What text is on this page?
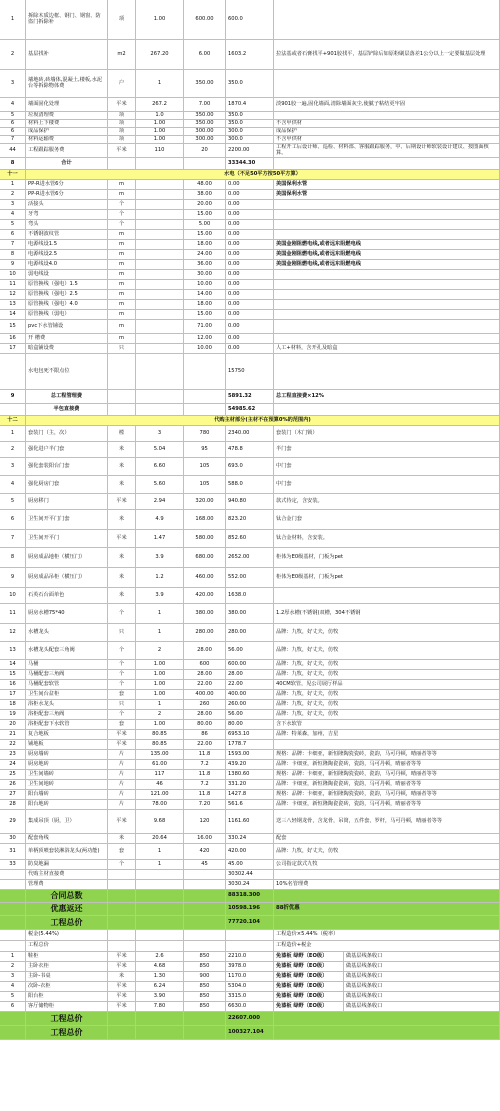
1	拆除木质边框、钢门、钢窗、防盗门拆除补	项	1.00	600.00	600.0
2	基层找补	m2	267.20	6.00	1603.2	拉法基或者石膏找平+901胶找平，基层铲除后如原粉刷层落差1公分以上一定要做基层处理
3	墙地砖,砖墙体,混凝土,楼板,水泥台等拆除物体费	户	1	350.00	350.0
4	墙面固化处理	平米	267.2	7.00	1870.4	淡901胶一遍,固化墙面,清除墙面灰尘,使腻子粘结更牢固
5	垃圾清理费	项	1.0	350.00	350.0
6	材料上下楼费	项	1.00	350.00	350.0	不含甲供材
6	成品保护	项	1.00	300.00	300.0	成品保护
7	材料运输费	项	1.00	300.00	300.0	不含甲供材
44	工程跟踪服务费	平米	110	20	2200.00	工程开工后设计师、巡检、材料部、客服跟踪服务，中、后期设计师软装设计建议、按图面核算。
8	合计	33344.30
十一	水电（不足50平方按50平方算）
1	PP-R进水管6分	m	48.00	0.00	美国保利水管
2	PP-R进水管6分	m	38.00	0.00	美国保利水管
3	活接头	个	20.00	0.00
4	牙弯	个	15.00	0.00
5	弯头	个	5.00	0.00
6	不锈钢波纹管	m	15.00	0.00
7	电源线设1.5	m	18.00	0.00	美国金刚阻燃电线,或者远东阻燃电线
8	电源线设2.5	m	24.00	0.00	美国金刚阻燃电线,或者远东阻燃电线
9	电源线设4.0	m	36.00	0.00	美国金刚阻燃电线,或者远东阻燃电线
10	弱电线设	m	30.00	0.00
11	原管换线（强电）1.5	m	10.00	0.00
12	原管换线（强电）2.5	m	14.00	0.00
13	原管换线（强电）4.0	m	18.00	0.00
14	原管换线（弱电）	m	15.00	0.00
15	pvc下水管铺设	m	71.00	0.00
16	开 槽费	m	12.00	0.00
17	暗盒铺设费	只	10.00	0.00	人工+材料，含开孔及暗盒
水电包死不限点位	15750
9	总工程管理费	5891.32	总工程直接费×12%
半包直接费	54985.62
十二	代购主材部分(主材不在预算0%的范围内)
1	套装门（主，次）	樘	3	780	2340.00	套装门（木门锁）
2	强化进户半门套	米	5.04	95	478.8	半门套
3	强化套装阳台门套	米	6.60	105	693.0	中门套
4	强化厨房门套	米	5.60	105	588.0	中门套
5	厨房移门	平米	2.94	320.00	940.80	款式待定，含安装。
6	卫生间开平门门套	米	4.9	168.00	823.20	钛合金门套
7	卫生间开平门	平米	1.47	580.00	852.60	钛合金材料，含安装。
8	厨房成品地柜（横压门）	米	3.9	680.00	2652.00	柜体为E0级基材，门板为pet
9	厨房成品吊柜（横压门）	米	1.2	460.00	552.00	柜体为E0级基材，门板为pet
10	石英石台面单色	米	3.9	420.00	1638.0
11	厨房水槽75*40	个	1	380.00	380.00	1.2厚水槽(不锈钢)双槽，304不锈钢
12	水槽龙头	只	1	280.00	280.00	品牌：九牧，好丈夫，仿牧
13	水槽龙头配套三角阀	个	2	28.00	56.00	品牌：九牧，好丈夫，仿牧
14	马桶	个	1.00	600	600.00	品牌：九牧，好丈夫，仿牧
15	马桶配套三角阀	个	1.00	28.00	28.00	品牌：九牧，好丈夫，仿牧
16	马桶配套软管	个	1.00	22.00	22.00	40CM软管，见公司展厅样品
17	卫生间台盆柜	套	1.00	400.00	400.00	品牌：九牧，好丈夫，仿牧
18	浴柜水龙头	只	1	260	260.00	品牌：九牧，好丈夫，仿牧
19	浴柜配套三角阀	个	2	28.00	56.00	品牌：九牧，好丈夫，仿牧
20	浴柜配套下水软管	套	1.00	80.00	80.00	含下水软管
21	复合地板	平米	80.85	86	6953.10	品牌：特莱森，加州，吉星
22	铺地板	平米	80.85	22.00	1778.7
23	厨房墙砖	片	135.00	11.8	1593.00	规格：品牌：卡细亚，新恒隆陶瓷瓷砖，瓷韵，马可丹顿，晴丽者等等
24	厨房地砖	片	61.00	7.2	439.20	品牌：卡细亚，新恒隆陶瓷瓷砖，瓷韵，马可丹顿，晴丽者等等
25	卫生间墙砖	片	117	11.8	1380.60	规格：品牌：卡细亚，新恒隆陶瓷瓷砖，瓷韵，马可丹顿，晴丽者等等
26	卫生间地砖	片	46	7.2	331.20	品牌：卡细亚，新恒隆陶瓷瓷砖，瓷韵，马可丹顿，晴丽者等等
27	阳台墙砖	片	121.00	11.8	1427.8	规格：品牌：卡细亚，新恒隆陶瓷瓷砖，瓷韵，马可丹顿，晴丽者等等
28	阳台地砖	片	78.00	7.20	561.6	品牌：卡细亚，新恒隆陶瓷瓷砖，瓷韵，马可丹顿，晴丽者等等
29	集成吊顶（厨，卫）	平米	9.68	120	1161.60	送三八轻钢龙骨，含龙骨，吊筒，五件套，罗杆，马可丹顿，晴丽者等等
30	配套角线	米	20.64	16.00	330.24	配套
31	单柄顶喷套装淋浴龙头(两功能)	套	1	420	420.00	品牌：九牧，好丈夫，仿牧
33	防臭地漏	个	1	45	45.00	公司指定款式九牧
代购主材直接费	30302.44
管理费	3030.24	10%名管理费
合同总数	88318.300
优惠返还	10598.196	88折优惠
工程总价	77720.104
税金(5.44%)	工程造价×5.44%（税率）
工程总价	工程造价+税金
1	鞋柜	平米	2.6	850	2210.0	免漆板 绿野（EO级）	做基层线条收口
2	主卧衣柜	平米	4.68	850	3978.0	免漆板 绿野（EO级）	做基层线条收口
3	主卧-书桌	米	1.30	900	1170.0	免漆板 绿野（EO级）	做基层线条收口
4	次卧-衣柜	平米	6.24	850	5304.0	免漆板 绿野（EO级）	做基层线条收口
5	阳台柜	平米	3.90	850	3315.0	免漆板 绿野（EO级）	做基层线条收口
6	客厅储物柜	平米	7.80	850	6630.0	免漆板 绿野（EO级）	做基层线条收口
工程总价	22607.000
工程总价	100327.104
